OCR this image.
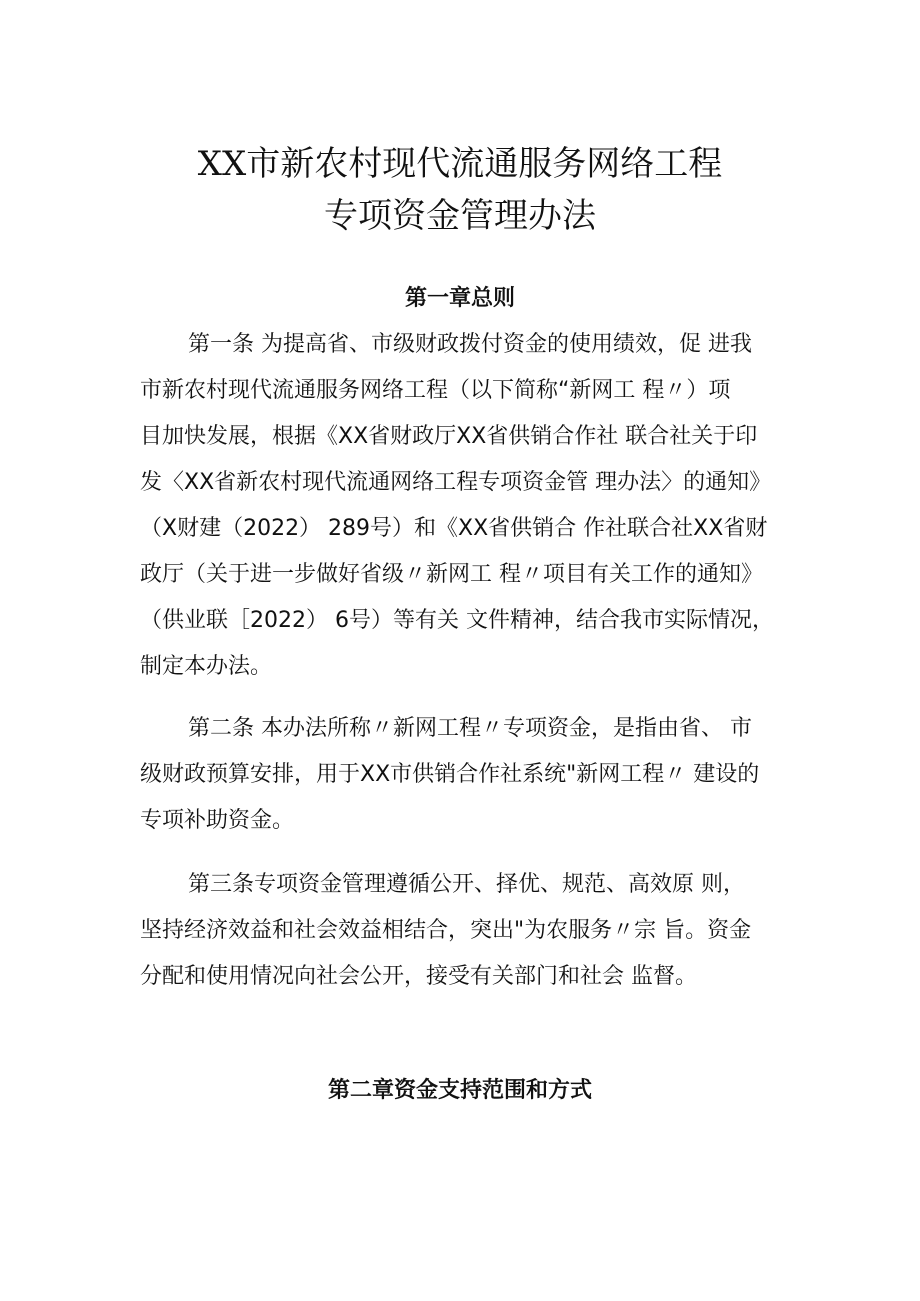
XX市新农村现代流通服务网络工程
专项资金管理办法
第一章总则
第一条 为提高省、市级财政拨付资金的使用绩效，促 进我
市新农村现代流通服务网络工程（以下简称“新网工 程〃）项
目加快发展，根据《XX省财政厅XX省供销合作社 联合社关于印
发〈XX省新农村现代流通网络工程专项资金管 理办法〉的通知》
（X财建（2022） 289号）和《XX省供销合 作社联合社XX省财
政厅（关于进一步做好省级〃新网工 程〃项目有关工作的通知》
（供业联［2022） 6号）等有关 文件精神，结合我市实际情况，
制定本办法。
第二条 本办法所称〃新网工程〃专项资金，是指由省、 市
级财政预算安排，用于XX市供销合作社系统"新网工程〃 建设的
专项补助资金。
第三条专项资金管理遵循公开、择优、规范、高效原 则，
坚持经济效益和社会效益相结合，突出"为农服务〃宗 旨。资金
分配和使用情况向社会公开，接受有关部门和社会 监督。
第二章资金支持范围和方式
